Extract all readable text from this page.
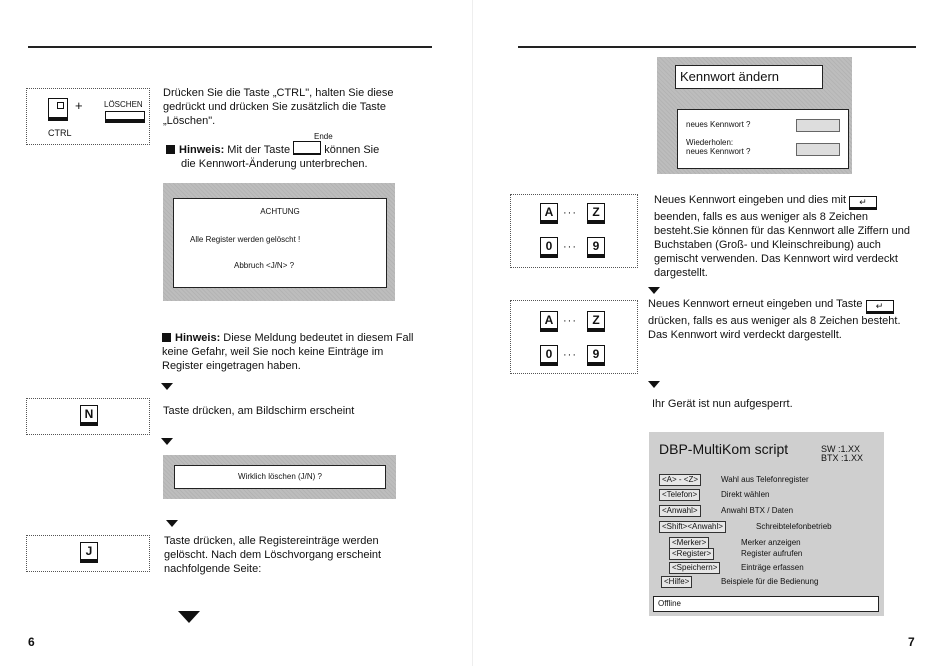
+	LÖSCHEN
CTRL
Drücken Sie die Taste „CTRL", halten Sie diese gedrückt und drücken Sie zusätzlich die Taste „Löschen".
Ende
Hinweis: Mit der Taste	können Sie
die Kennwort-Änderung unterbrechen.
ACHTUNG
Alle Register werden gelöscht !
Abbruch <J/N> ?
Hinweis: Diese Meldung bedeutet in diesem Fall keine Gefahr, weil Sie noch keine Einträge im Register eingetragen haben.
N	Taste drücken, am Bildschirm erscheint
Wirklich löschen (J/N) ?
J
Taste drücken, alle Registereinträge werden gelöscht. Nach dem Löschvorgang erscheint nachfolgende Seite:
6
Kennwort ändern
neues Kennwort ?
Wiederholen:
neues Kennwort ?
A ···	Z
0 ···	9
Neues Kennwort eingeben und dies mit ↵ beenden, falls es aus weniger als 8 Zeichen besteht.Sie können für das Kennwort alle Ziffern und Buchstaben (Groß- und Kleinschreibung) auch gemischt verwenden. Das Kennwort wird verdeckt dargestellt.
A ···	Z
0 ···	9
Neues Kennwort erneut eingeben und Taste ↵ drücken, falls es aus weniger als 8 Zeichen besteht. Das Kennwort wird verdeckt dargestellt.
Ihr Gerät ist nun aufgesperrt.
DBP-MultiKom script	SW :1.XX
BTX :1.XX
<A> - <Z>	Wahl aus Telefonregister
<Telefon>	Direkt wählen
<Anwahl>	Anwahl BTX / Daten
<Shift><Anwahl>	Schreibtelefonbetrieb
<Merker>	Merker anzeigen
<Register>	Register aufrufen
<Speichern>	Einträge erfassen
<Hilfe>	Beispiele für die Bedienung
Offline
7
